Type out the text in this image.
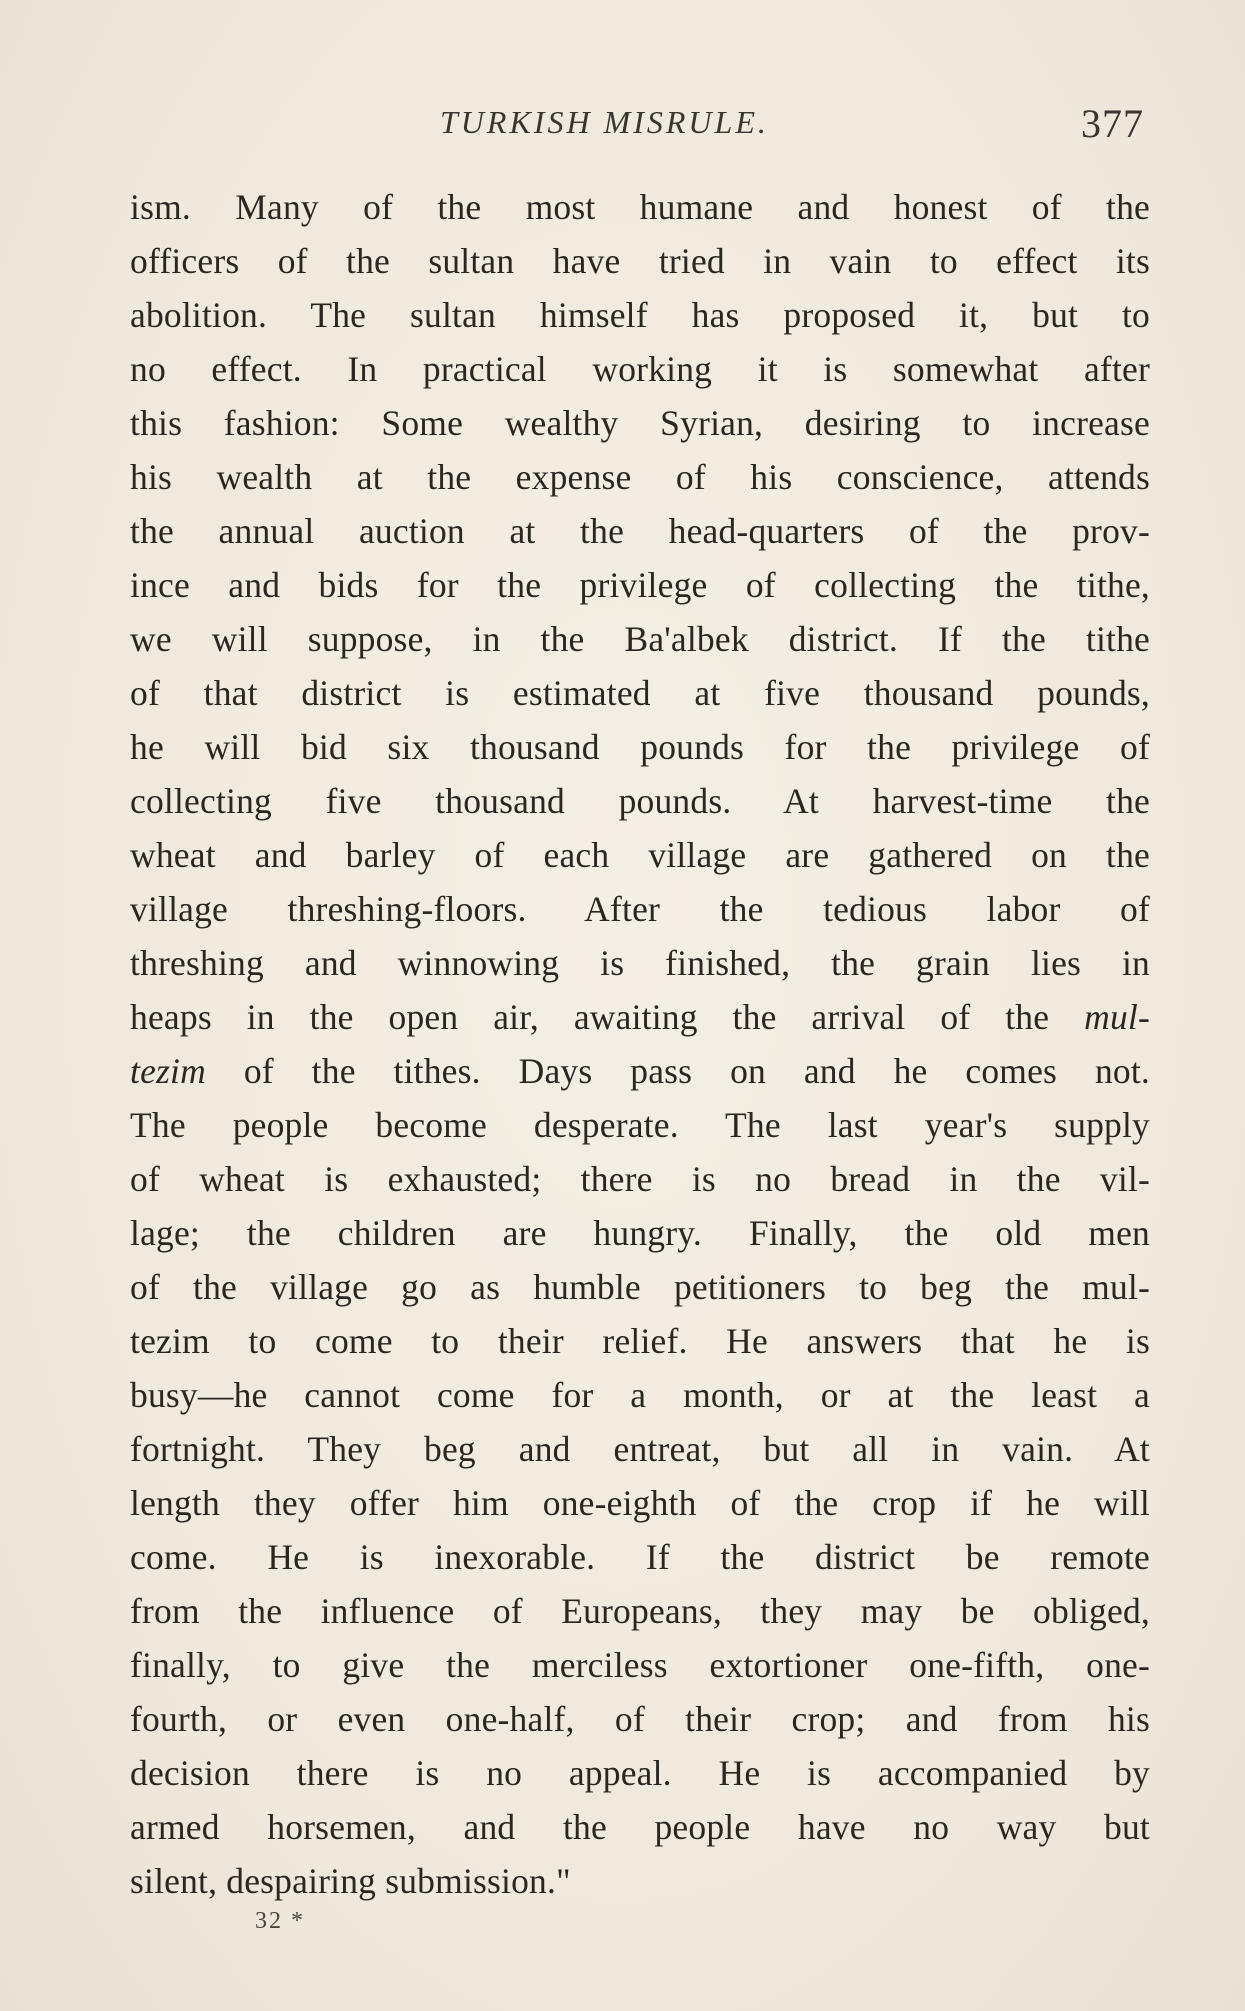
TURKISH MISRULE.	377
ism. Many of the most humane and honest of the
officers of the sultan have tried in vain to effect its
abolition. The sultan himself has proposed it, but to
no effect. In practical working it is somewhat after
this fashion: Some wealthy Syrian, desiring to increase
his wealth at the expense of his conscience, attends
the annual auction at the head-quarters of the prov-
ince and bids for the privilege of collecting the tithe,
we will suppose, in the Ba'albek district. If the tithe
of that district is estimated at five thousand pounds,
he will bid six thousand pounds for the privilege of
collecting five thousand pounds. At harvest-time the
wheat and barley of each village are gathered on the
village threshing-floors. After the tedious labor of
threshing and winnowing is finished, the grain lies in
heaps in the open air, awaiting the arrival of the mul-
tezim of the tithes. Days pass on and he comes not.
The people become desperate. The last year's supply
of wheat is exhausted; there is no bread in the vil-
lage; the children are hungry. Finally, the old men
of the village go as humble petitioners to beg the mul-
tezim to come to their relief. He answers that he is
busy—he cannot come for a month, or at the least a
fortnight. They beg and entreat, but all in vain. At
length they offer him one-eighth of the crop if he will
come. He is inexorable. If the district be remote
from the influence of Europeans, they may be obliged,
finally, to give the merciless extortioner one-fifth, one-
fourth, or even one-half, of their crop; and from his
decision there is no appeal. He is accompanied by
armed horsemen, and the people have no way but
silent, despairing submission."
32 *
